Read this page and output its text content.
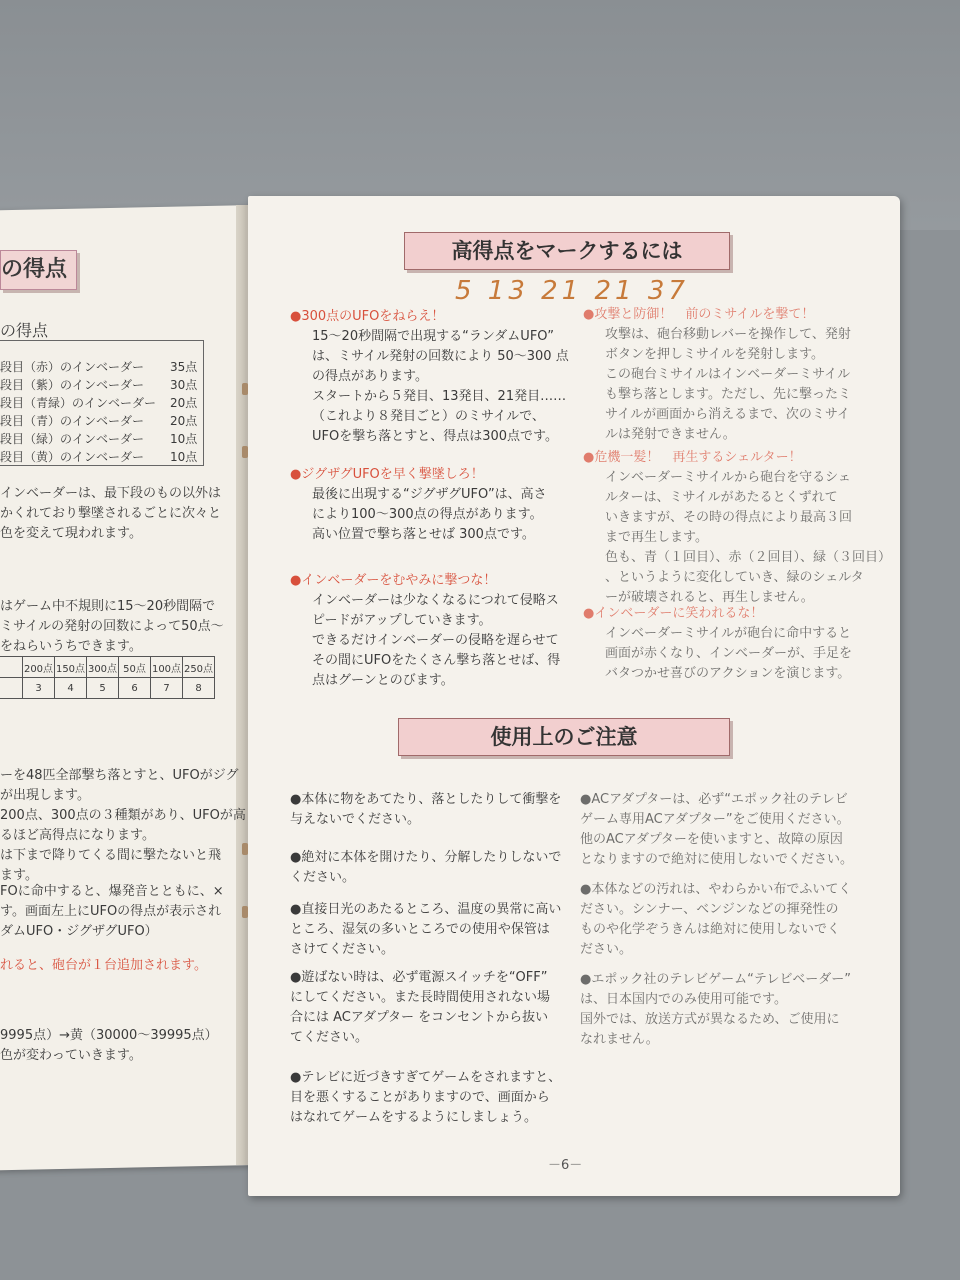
の得点
の得点
段目（赤）のインベーダー 35点
段目（紫）のインベーダー 30点
段目（青緑）のインベーダー 20点
段目（青）のインベーダー 20点
段目（緑）のインベーダー 10点
段目（黄）のインベーダー 10点
インベーダーは、最下段のもの以外は
かくれており撃墜されるごとに次々と
色を変えて現われます。
はゲーム中不規則に15～20秒間隔で
ミサイルの発射の回数によって50点～
をねらいうちできます。
	200点	150点	300点	50点	100点	250点
	3	4	5	6	7	8
ーを48匹全部撃ち落とすと、UFOがジグ
が出現します。
200点、300点の３種類があり、UFOが高
るほど高得点になります。
は下まで降りてくる間に撃たないと飛
ます。
FOに命中すると、爆発音とともに、×
す。画面左上にUFOの得点が表示され
ダムUFO・ジグザグUFO）
れると、砲台が１台追加されます。
9995点）→黄（30000～39995点）
色が変わっていきます。
高得点をマークするには
5 13 21 21 37
●300点のUFOをねらえ！
15～20秒間隔で出現する“ランダムUFO”
は、ミサイル発射の回数により 50～300 点
の得点があります。
スタートから５発目、13発目、21発目……
（これより８発目ごと）のミサイルで、
UFOを撃ち落とすと、得点は300点です。
●ジグザグUFOを早く撃墜しろ！
最後に出現する“ジグザグUFO”は、高さ
により100～300点の得点があります。
高い位置で撃ち落とせば 300点です。
●インベーダーをむやみに撃つな！
インベーダーは少なくなるにつれて侵略ス
ピードがアップしていきます。
できるだけインベーダーの侵略を遅らせて
その間にUFOをたくさん撃ち落とせば、得
点はグーンとのびます。
●攻撃と防御！　前のミサイルを撃て！
攻撃は、砲台移動レバーを操作して、発射
ボタンを押しミサイルを発射します。
この砲台ミサイルはインベーダーミサイル
も撃ち落とします。ただし、先に撃ったミ
サイルが画面から消えるまで、次のミサイ
ルは発射できません。
●危機一髪！　再生するシェルター！
インベーダーミサイルから砲台を守るシェ
ルターは、ミサイルがあたるとくずれて
いきますが、その時の得点により最高３回
まで再生します。
色も、青（１回目）、赤（２回目）、緑（３回目）
、というように変化していき、緑のシェルタ
ーが破壊されると、再生しません。
●インベーダーに笑われるな！
インベーダーミサイルが砲台に命中すると
画面が赤くなり、インベーダーが、手足を
バタつかせ喜びのアクションを演じます。
使用上のご注意
●本体に物をあてたり、落としたりして衝撃を
与えないでください。
●絶対に本体を開けたり、分解したりしないで
ください。
●直接日光のあたるところ、温度の異常に高い
ところ、湿気の多いところでの使用や保管は
さけてください。
●遊ばない時は、必ず電源スイッチを“OFF”
にしてください。また長時間使用されない場
合には ACアダプター をコンセントから抜い
てください。
●テレビに近づきすぎてゲームをされますと、
目を悪くすることがありますので、画面から
はなれてゲームをするようにしましょう。
●ACアダプターは、必ず“エポック社のテレビ
ゲーム専用ACアダプター”をご使用ください。
他のACアダプターを使いますと、故障の原因
となりますので絶対に使用しないでください。
●本体などの汚れは、やわらかい布でふいてく
ださい。シンナー、ベンジンなどの揮発性の
ものや化学ぞうきんは絶対に使用しないでく
ださい。
●エポック社のテレビゲーム“テレビベーダー”
は、日本国内でのみ使用可能です。
国外では、放送方式が異なるため、ご使用に
なれません。
－6－
